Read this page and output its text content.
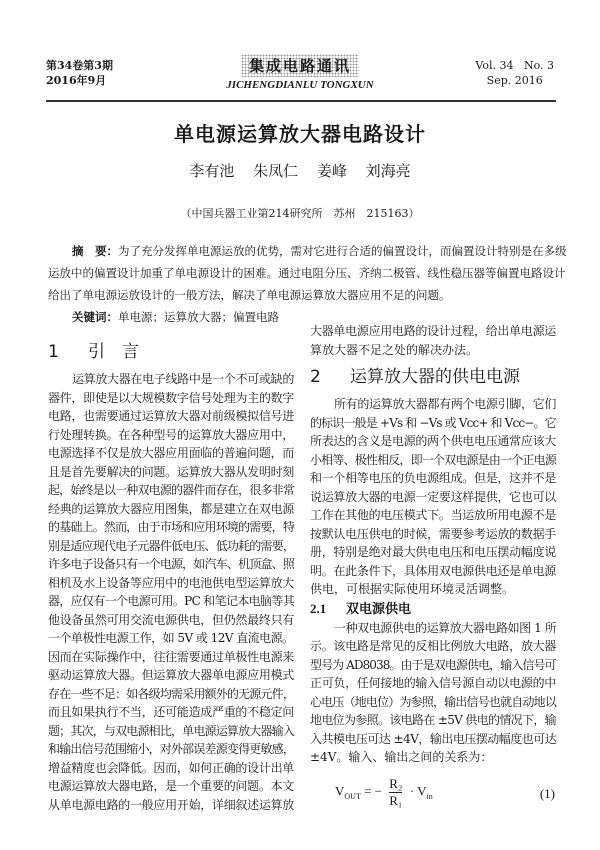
第34卷第3期
2016年9月
集成电路通讯
JICHENGDIANLU TONGXUN
Vol. 34   No. 3
Sep. 2016
单电源运算放大器电路设计
李有池 朱凤仁 姜峰 刘海亮
（中国兵器工业第214研究所　苏州　215163）
摘　要：为了充分发挥单电源运放的优势，需对它进行合适的偏置设计，而偏置设计特别是在多级
运放中的偏置设计加重了单电源设计的困难。通过电阻分压、齐纳二极管、线性稳压器等偏置电路设计
给出了单电源运放设计的一般方法，解决了单电源运算放大器应用不足的问题。
关键词：单电源；运算放大器；偏置电路
1 引　言
运算放大器在电子线路中是一个不可或缺的
器件，即使是以大规模数字信号处理为主的数字
电路，也需要通过运算放大器对前级模拟信号进
行处理转换。在各种型号的运算放大器应用中，
电源选择不仅是放大器应用面临的普遍问题，而
且是首先要解决的问题。运算放大器从发明时刻
起，始终是以一种双电源的器件而存在，很多非常
经典的运算放大器应用图集，都是建立在双电源
的基础上。然而，由于市场和应用环境的需要，特
别是适应现代电子元器件低电压、低功耗的需要，
许多电子设备只有一个电源，如汽车、机顶盒、照
相机及水上设备等应用中的电池供电型运算放大
器，应仅有一个电源可用。PC 和笔记本电脑等其
他设备虽然可用交流电源供电，但仍然最终只有
一个单极性电源工作，如 5V 或 12V 直流电源。
因而在实际操作中，往往需要通过单极性电源来
驱动运算放大器。但运算放大器单电源应用模式
存在一些不足：如各级均需采用额外的无源元件，
而且如果执行不当，还可能造成严重的不稳定问
题；其次，与双电源相比，单电源运算放大器输入
和输出信号范围缩小，对外部误差源变得更敏感，
增益精度也会降低。因而，如何正确的设计出单
电源运算放大器电路，是一个重要的问题。本文
从单电源电路的一般应用开始，详细叙述运算放
大器单电源应用电路的设计过程，给出单电源运
算放大器不足之处的解决办法。
2 运算放大器的供电电源
所有的运算放大器都有两个电源引脚，它们
的标识一般是 +Vs 和 −Vs 或 Vcc+ 和 Vcc−。它
所表达的含义是电源的两个供电电压通常应该大
小相等、极性相反，即一个双电源是由一个正电源
和一个相等电压的负电源组成。但是，这并不是
说运算放大器的电源一定要这样提供，它也可以
工作在其他的电压模式下。当运放所用电源不是
按默认电压供电的时候，需要参考运放的数据手
册，特别是绝对最大供电电压和电压摆动幅度说
明。在此条件下，具体用双电源供电还是单电源
供电，可根据实际使用环境灵活调整。
2.1 双电源供电
一种双电源供电的运算放大器电路如图 1 所
示。该电路是常见的反相比例放大电路，放大器
型号为 AD8038。由于是双电源供电，输入信号可
正可负，任何接地的输入信号源自动以电源的中
心电压（地电位）为参照，输出信号也就自动地以
地电位为参照。该电路在 ±5V 供电的情况下，输
入共模电压可达 ±4V，输出电压摆动幅度也可达
±4V。输入、输出之间的关系为：
$V_{OUT}$ = − $\frac{\text{R₂}}{\text{R₁}} \cdot V_{in}$	(1)
